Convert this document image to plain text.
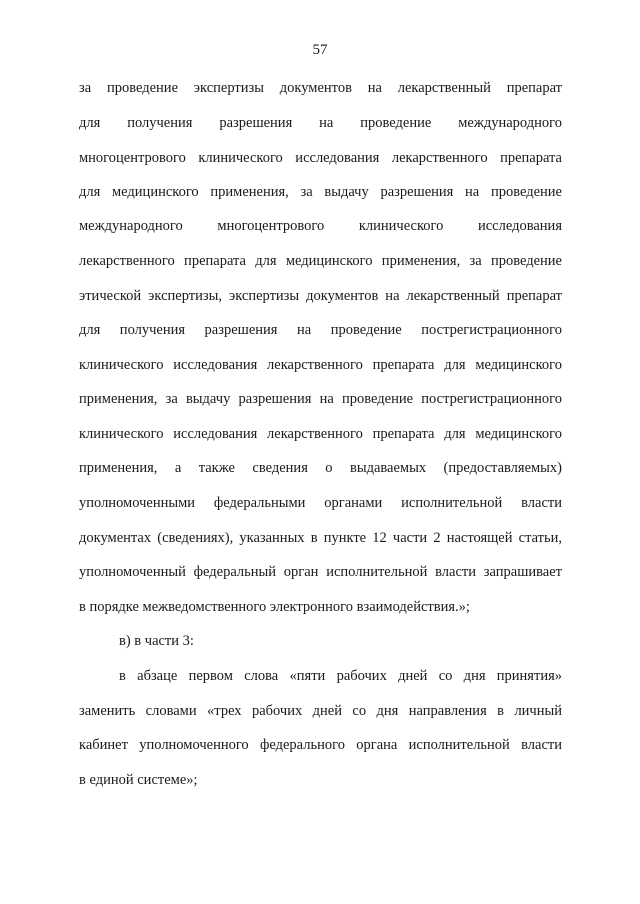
57
за проведение экспертизы документов на лекарственный препарат
для получения разрешения на проведение международного
многоцентрового клинического исследования лекарственного препарата
для медицинского применения, за выдачу разрешения на проведение
международного многоцентрового клинического исследования
лекарственного препарата для медицинского применения, за проведение
этической экспертизы, экспертизы документов на лекарственный препарат
для получения разрешения на проведение пострегистрационного
клинического исследования лекарственного препарата для медицинского
применения, за выдачу разрешения на проведение пострегистрационного
клинического исследования лекарственного препарата для медицинского
применения, а также сведения о выдаваемых (предоставляемых)
уполномоченными федеральными органами исполнительной власти
документах (сведениях), указанных в пункте 12 части 2 настоящей статьи,
уполномоченный федеральный орган исполнительной власти запрашивает
в порядке межведомственного электронного взаимодействия.»;
в) в части 3:
в абзаце первом слова «пяти рабочих дней со дня принятия»
заменить словами «трех рабочих дней со дня направления в личный
кабинет уполномоченного федерального органа исполнительной власти
в единой системе»;
